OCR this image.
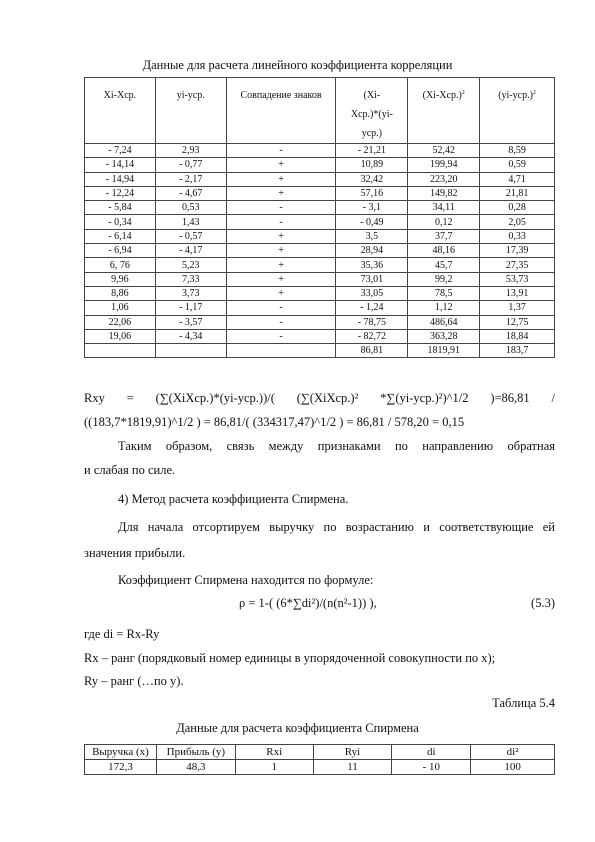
Данные для расчета линейного коэффициента корреляции
Xi-Xср.	yi-уср.	Совпадение знаков	(Xi-
Xср.)*(yi-
уср.)	$(Xi-Xср.)^2$	$(yi-уср.)^2$
- 7,24	2,93	-	- 21,21	52,42	8,59
- 14,14	- 0,77	+	10,89	199,94	0,59
- 14,94	- 2,17	+	32,42	223,20	4,71
- 12,24	- 4,67	+	57,16	149,82	21,81
- 5,84	0,53	-	- 3,1	34,11	0,28
- 0,34	1,43	-	- 0,49	0,12	2,05
- 6,14	- 0,57	+	3,5	37,7	0,33
- 6,94	- 4,17	+	28,94	48,16	17,39
6, 76	5,23	+	35,36	45,7	27,35
9,96	7,33	+	73,01	99,2	53,73
8,86	3,73	+	33,05	78,5	13,91
1,06	- 1,17	-	- 1,24	1,12	1,37
22,06	- 3,57	-	- 78,75	486,64	12,75
19,06	- 4,34	-	- 82,72	363,28	18,84
			86,81	1819,91	183,7
Rxy = (∑(XiXср.)*(yi-уср.))/( (∑(XiXср.)² *∑(yi-уср.)²)^1/2 )=86,81 /
((183,7*1819,91)^1/2 ) = 86,81/( (334317,47)^1/2 ) = 86,81 / 578,20 = 0,15
Таким образом, связь между признаками по направлению обратная
и слабая по силе.
4) Метод расчета коэффициента Спирмена.
Для начала отсортируем выручку по возрастанию и соответствующие ей
значения прибыли.
Коэффициент Спирмена находится по формуле:
ρ = 1-( (6*∑di²)/(n(n²-1)) ),	(5.3)
где di = Rx-Ry
Rx – ранг (порядковый номер единицы в упорядоченной совокупности по х);
Ry – ранг (…по у).
Таблица 5.4
Данные для расчета коэффициента Спирмена
Выручка (х)	Прибыль (у)	Rxi	Ryi	di	di²
172,3	48,3	1	11	- 10	100
